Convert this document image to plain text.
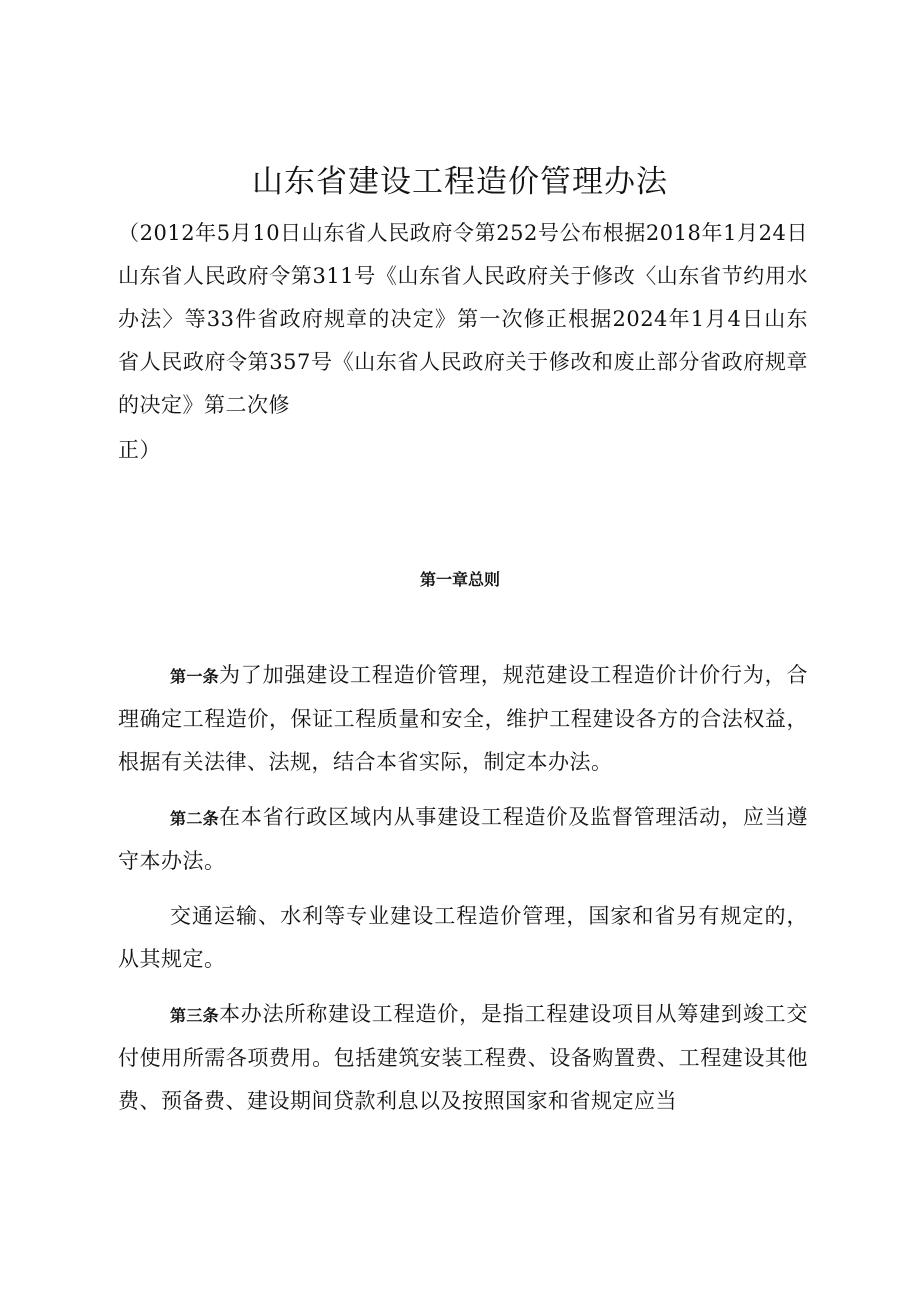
山东省建设工程造价管理办法

（2012年5月10日山东省人民政府令第252号公布根据2018年1月24日山东省人民政府令第311号《山东省人民政府关于修改〈山东省节约用水办法〉等33件省政府规章的决定》第一次修正根据2024年1月4日山东省人民政府令第357号《山东省人民政府关于修改和废止部分省政府规章的决定》第二次修
正）

第一章总则

第一条为了加强建设工程造价管理，规范建设工程造价计价行为，合理确定工程造价，保证工程质量和安全，维护工程建设各方的合法权益，根据有关法律、法规，结合本省实际，制定本办法。

第二条在本省行政区域内从事建设工程造价及监督管理活动，应当遵守本办法。

交通运输、水利等专业建设工程造价管理，国家和省另有规定的，从其规定。

第三条本办法所称建设工程造价，是指工程建设项目从筹建到竣工交付使用所需各项费用。包括建筑安装工程费、设备购置费、工程建设其他费、预备费、建设期间贷款利息以及按照国家和省规定应当
